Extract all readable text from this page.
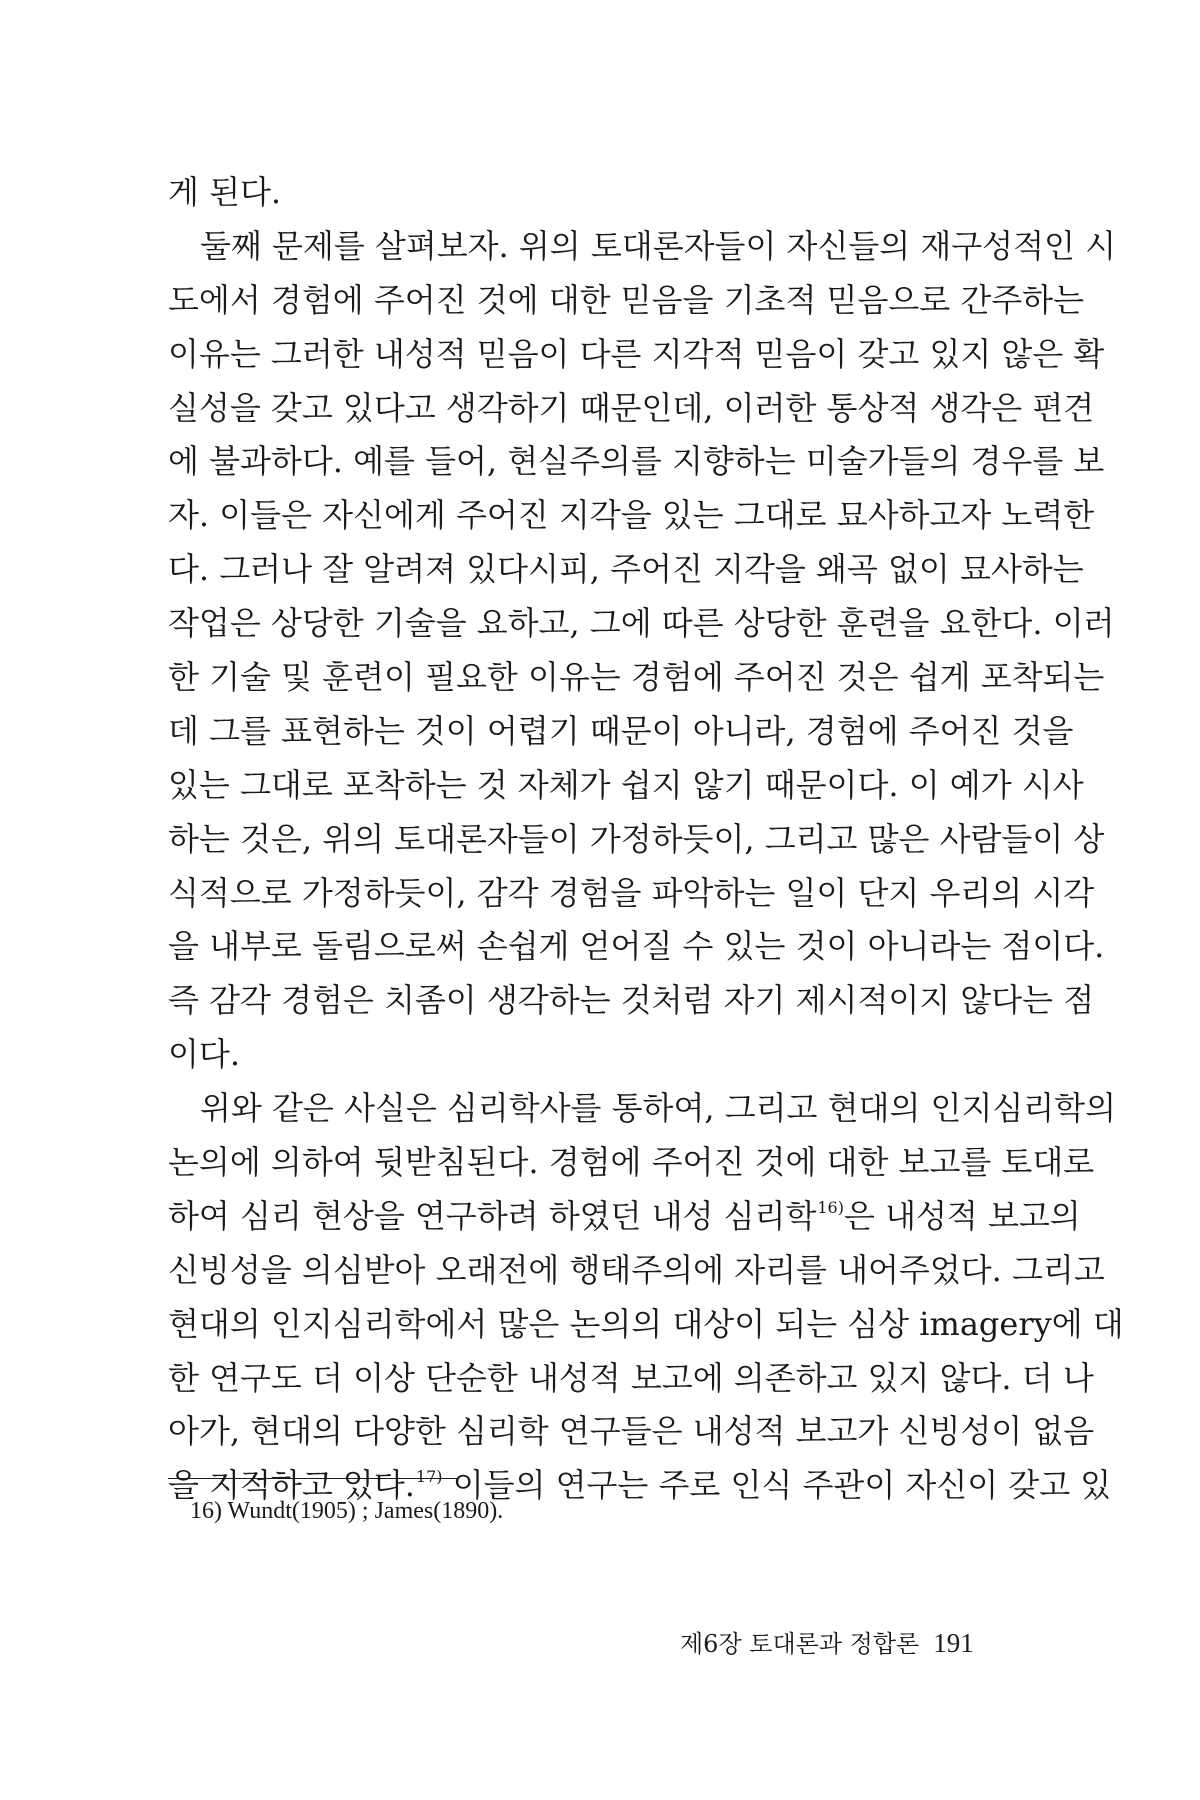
게 된다.
　둘째 문제를 살펴보자. 위의 토대론자들이 자신들의 재구성적인 시
도에서 경험에 주어진 것에 대한 믿음을 기초적 믿음으로 간주하는
이유는 그러한 내성적 믿음이 다른 지각적 믿음이 갖고 있지 않은 확
실성을 갖고 있다고 생각하기 때문인데, 이러한 통상적 생각은 편견
에 불과하다. 예를 들어, 현실주의를 지향하는 미술가들의 경우를 보
자. 이들은 자신에게 주어진 지각을 있는 그대로 묘사하고자 노력한
다. 그러나 잘 알려져 있다시피, 주어진 지각을 왜곡 없이 묘사하는
작업은 상당한 기술을 요하고, 그에 따른 상당한 훈련을 요한다. 이러
한 기술 및 훈련이 필요한 이유는 경험에 주어진 것은 쉽게 포착되는
데 그를 표현하는 것이 어렵기 때문이 아니라, 경험에 주어진 것을
있는 그대로 포착하는 것 자체가 쉽지 않기 때문이다. 이 예가 시사
하는 것은, 위의 토대론자들이 가정하듯이, 그리고 많은 사람들이 상
식적으로 가정하듯이, 감각 경험을 파악하는 일이 단지 우리의 시각
을 내부로 돌림으로써 손쉽게 얻어질 수 있는 것이 아니라는 점이다.
즉 감각 경험은 치좀이 생각하는 것처럼 자기 제시적이지 않다는 점
이다.
　위와 같은 사실은 심리학사를 통하여, 그리고 현대의 인지심리학의
논의에 의하여 뒷받침된다. 경험에 주어진 것에 대한 보고를 토대로
하여 심리 현상을 연구하려 하였던 내성 심리학$^{16)}$은 내성적 보고의
신빙성을 의심받아 오래전에 행태주의에 자리를 내어주었다. 그리고
현대의 인지심리학에서 많은 논의의 대상이 되는 심상 imagery에 대
한 연구도 더 이상 단순한 내성적 보고에 의존하고 있지 않다. 더 나
아가, 현대의 다양한 심리학 연구들은 내성적 보고가 신빙성이 없음
을 지적하고 있다.$^{17)}$ 이들의 연구는 주로 인식 주관이 자신이 갖고 있
16) Wundt(1905) ; James(1890).
제6장 토대론과 정합론 191
